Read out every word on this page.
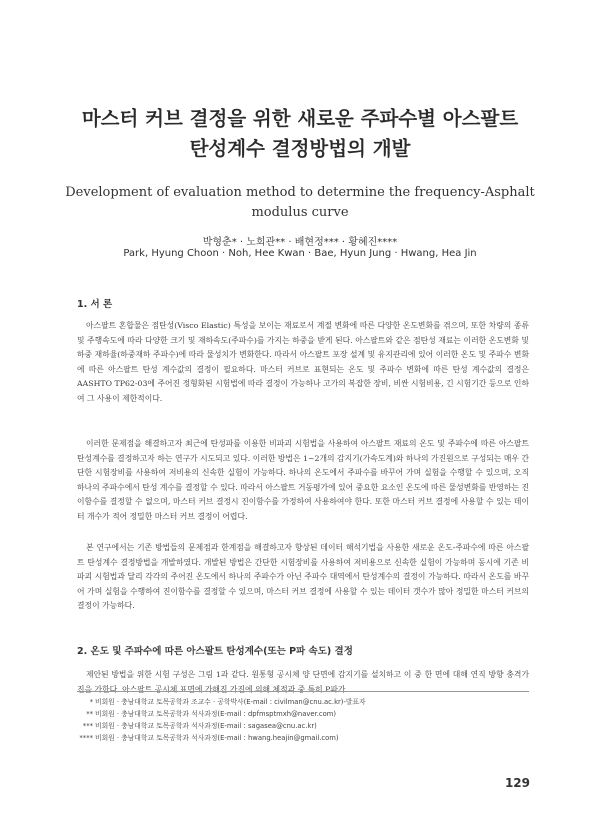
마스터 커브 결정을 위한 새로운 주파수별 아스팔트
탄성계수 결정방법의 개발

Development of evaluation method to determine the frequency-Asphalt

modulus curve

박형춘* · 노희관** · 배현정*** · 황혜진****
Park, Hyung Choon · Noh, Hee Kwan · Bae, Hyun Jung · Hwang, Hea Jin
1. 서 론

아스팔트 혼합물은 점탄성(Visco Elastic) 특성을 보이는 재료로서 계절 변화에 따른 다양한 온도변화를 겪으며, 또한 차량의 종류 및 주행속도에 따라 다양한 크기 및 재하속도(주파수)를 가지는 하중을 받게 된다. 아스팔트와 같은 점탄성 재료는 이러한 온도변화 및 하중 재하율(하중재하 주파수)에 따라 물성치가 변화한다. 따라서 아스팔트 포장 설계 및 유지관리에 있어 이러한 온도 및 주파수 변화에 따른 아스팔트 탄성 계수값의 결정이 필요하다. 마스터 커브로 표현되는 온도 및 주파수 변화에 따른 탄성 계수값의 결정은 AASHTO TP62-03에 주어진 정형화된 시험법에 따라 결정이 가능하나 고가의 복잡한 장비, 비싼 시험비용, 긴 시험기간 등으로 인하여 그 사용이 제한적이다.

이러한 문제점을 해결하고자 최근에 탄성파를 이용한 비파괴 시험법을 사용하여 아스팔트 재료의 온도 및 주파수에 따른 아스팔트 탄성계수를 결정하고자 하는 연구가 시도되고 있다. 이러한 방법은 1~2개의 감지기(가속도계)와 하나의 가진원으로 구성되는 매우 간단한 시험장비를 사용하여 저비용의 신속한 실험이 가능하다. 하나의 온도에서 주파수를 바꾸어 가며 실험을 수행할 수 있으며, 오직 하나의 주파수에서 탄성 계수를 결정할 수 있다. 따라서 아스팔트 거동평가에 있어 중요한 요소인 온도에 따른 물성변화를 반영하는 진이함수를 결정할 수 없으며, 마스터 커브 결정시 진이함수를 가정하여 사용하여야 한다. 또한 마스터 커브 결정에 사용할 수 있는 데이터 개수가 적어 정밀한 마스터 커브 결정이 어렵다.

본 연구에서는 기존 방법들의 문제점과 한계점을 해결하고자 향상된 데이터 해석기법을 사용한 새로운 온도-주파수에 따른 아스팔트 탄성계수 결정방법을 개발하였다. 개발된 방법은 간단한 시험장비를 사용하여 저비용으로 신속한 실험이 가능하며 동시에 기존 비파괴 시험법과 달리 각각의 주어진 온도에서 하나의 주파수가 아닌 주파수 대역에서 탄성계수의 결정이 가능하다. 따라서 온도를 바꾸어 가며 실험을 수행하여 진이함수를 결정할 수 있으며, 마스터 커브 결정에 사용할 수 있는 데이터 갯수가 많아 정밀한 마스터 커브의 결정이 가능하다.

2. 온도 및 주파수에 따른 아스팔트 탄성계수(또는 P파 속도) 결정

제안된 방법을 위한 시험 구성은 그림 1과 같다. 원통형 공시체 양 단면에 감지기를 설치하고 이 중 한 면에 대해 연직 방향 충격가진을 가한다. 아스팔트 공시체 표면에 가해진 가진에 의해 체적과 중 특히 P파가

* 비회원 · 충남대학교 토목공학과 조교수 · 공학박사(E-mail : civilman@cnu.ac.kr)-발표자
** 비회원 · 충남대학교 토목공학과 석사과정(E-mail : dpfmsptmxh@naver.com)
*** 비회원 · 충남대학교 토목공학과 석사과정(E-mail : sagasea@cnu.ac.kr)
**** 비회원 · 충남대학교 토목공학과 석사과정(E-mail : hwang.heajin@gmail.com)
129
